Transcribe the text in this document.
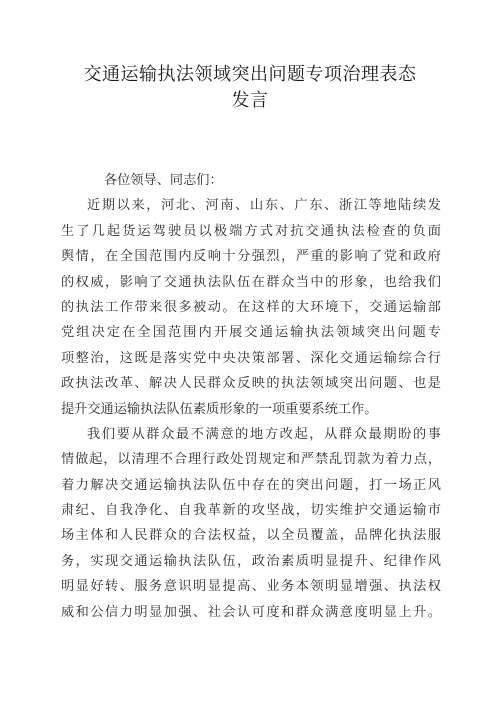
交通运输执法领域突出问题专项治理表态
发言
各位领导、同志们：
近期以来，河北、河南、山东、广东、浙江等地陆续发
生了几起货运驾驶员以极端方式对抗交通执法检查的负面
舆情，在全国范围内反响十分强烈，严重的影响了党和政府
的权威，影响了交通执法队伍在群众当中的形象，也给我们
的执法工作带来很多被动。在这样的大环境下，交通运输部
党组决定在全国范围内开展交通运输执法领域突出问题专
项整治，这既是落实党中央决策部署、深化交通运输综合行
政执法改革、解决人民群众反映的执法领域突出问题、也是
提升交通运输执法队伍素质形象的一项重要系统工作。
我们要从群众最不满意的地方改起，从群众最期盼的事
情做起，以清理不合理行政处罚规定和严禁乱罚款为着力点，
着力解决交通运输执法队伍中存在的突出问题，打一场正风
肃纪、自我净化、自我革新的攻坚战，切实维护交通运输市
场主体和人民群众的合法权益，以全员覆盖，品牌化执法服
务，实现交通运输执法队伍，政治素质明显提升、纪律作风
明显好转、服务意识明显提高、业务本领明显增强、执法权
威和公信力明显加强、社会认可度和群众满意度明显上升。
